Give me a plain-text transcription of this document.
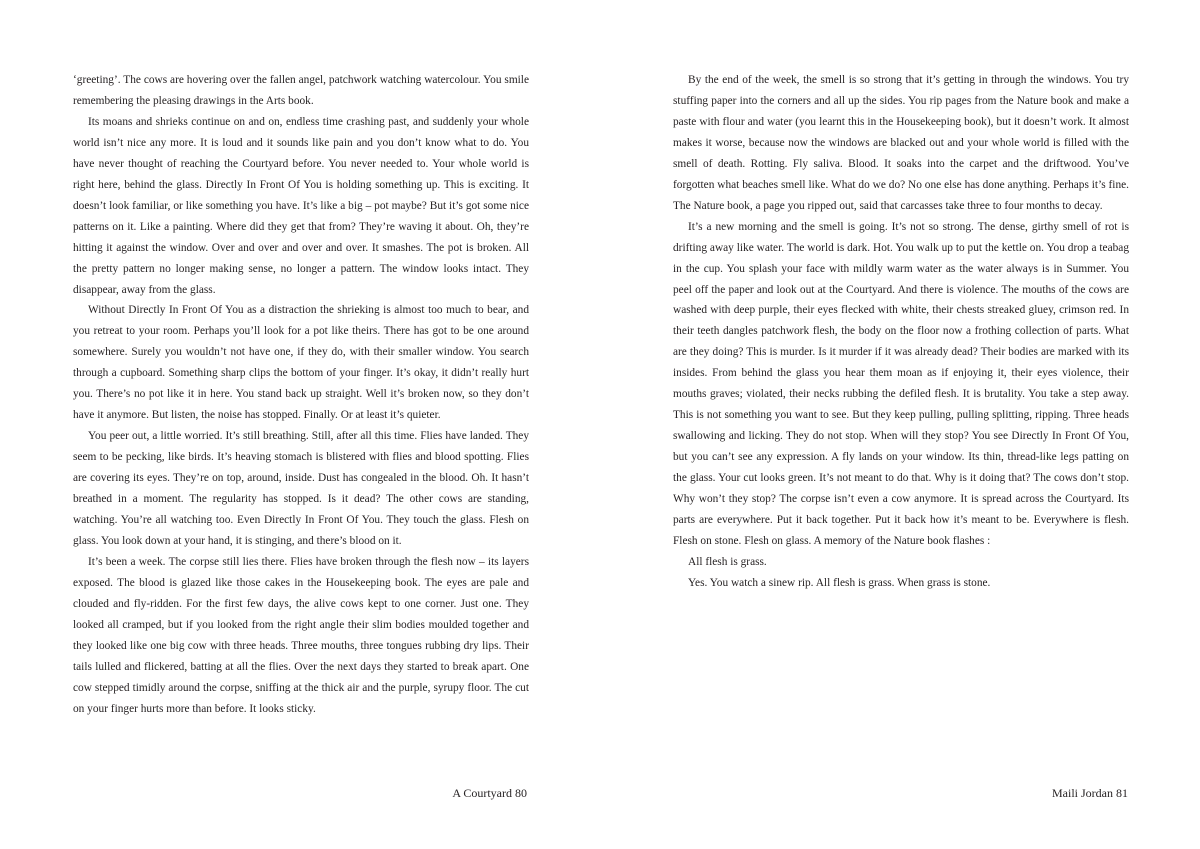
‘greeting’. The cows are hovering over the fallen angel, patchwork watching watercolour. You smile remembering the pleasing drawings in the Arts book.

Its moans and shrieks continue on and on, endless time crashing past, and suddenly your whole world isn’t nice any more. It is loud and it sounds like pain and you don’t know what to do. You have never thought of reaching the Courtyard before. You never needed to. Your whole world is right here, behind the glass. Directly In Front Of You is holding something up. This is exciting. It doesn’t look familiar, or like something you have. It’s like a big – pot maybe? But it’s got some nice patterns on it. Like a painting. Where did they get that from? They’re waving it about. Oh, they’re hitting it against the window. Over and over and over and over. It smashes. The pot is broken. All the pretty pattern no longer making sense, no longer a pattern. The window looks intact. They disappear, away from the glass.

Without Directly In Front Of You as a distraction the shrieking is almost too much to bear, and you retreat to your room. Perhaps you’ll look for a pot like theirs. There has got to be one around somewhere. Surely you wouldn’t not have one, if they do, with their smaller window. You search through a cupboard. Something sharp clips the bottom of your finger. It’s okay, it didn’t really hurt you. There’s no pot like it in here. You stand back up straight. Well it’s broken now, so they don’t have it anymore. But listen, the noise has stopped. Finally. Or at least it’s quieter.

You peer out, a little worried. It’s still breathing. Still, after all this time. Flies have landed. They seem to be pecking, like birds. It’s heaving stomach is blistered with flies and blood spotting. Flies are covering its eyes. They’re on top, around, inside. Dust has congealed in the blood. Oh. It hasn’t breathed in a moment. The regularity has stopped. Is it dead? The other cows are standing, watching. You’re all watching too. Even Directly In Front Of You. They touch the glass. Flesh on glass. You look down at your hand, it is stinging, and there’s blood on it.

It’s been a week. The corpse still lies there. Flies have broken through the flesh now – its layers exposed. The blood is glazed like those cakes in the Housekeeping book. The eyes are pale and clouded and fly-ridden. For the first few days, the alive cows kept to one corner. Just one. They looked all cramped, but if you looked from the right angle their slim bodies moulded together and they looked like one big cow with three heads. Three mouths, three tongues rubbing dry lips. Their tails lulled and flickered, batting at all the flies. Over the next days they started to break apart. One cow stepped timidly around the corpse, sniffing at the thick air and the purple, syrupy floor. The cut on your finger hurts more than before. It looks sticky.

A Courtyard 80

By the end of the week, the smell is so strong that it’s getting in through the windows. You try stuffing paper into the corners and all up the sides. You rip pages from the Nature book and make a paste with flour and water (you learnt this in the Housekeeping book), but it doesn’t work. It almost makes it worse, because now the windows are blacked out and your whole world is filled with the smell of death. Rotting. Fly saliva. Blood. It soaks into the carpet and the driftwood. You’ve forgotten what beaches smell like. What do we do? No one else has done anything. Perhaps it’s fine. The Nature book, a page you ripped out, said that carcasses take three to four months to decay.

It’s a new morning and the smell is going. It’s not so strong. The dense, girthy smell of rot is drifting away like water. The world is dark. Hot. You walk up to put the kettle on. You drop a teabag in the cup. You splash your face with mildly warm water as the water always is in Summer. You peel off the paper and look out at the Courtyard. And there is violence. The mouths of the cows are washed with deep purple, their eyes flecked with white, their chests streaked gluey, crimson red. In their teeth dangles patchwork flesh, the body on the floor now a frothing collection of parts. What are they doing? This is murder. Is it murder if it was already dead? Their bodies are marked with its insides. From behind the glass you hear them moan as if enjoying it, their eyes violence, their mouths graves; violated, their necks rubbing the defiled flesh. It is brutality. You take a step away. This is not something you want to see. But they keep pulling, pulling splitting, ripping. Three heads swallowing and licking. They do not stop. When will they stop? You see Directly In Front Of You, but you can’t see any expression. A fly lands on your window. Its thin, thread-like legs patting on the glass. Your cut looks green. It’s not meant to do that. Why is it doing that? The cows don’t stop. Why won’t they stop? The corpse isn’t even a cow anymore. It is spread across the Courtyard. Its parts are everywhere. Put it back together. Put it back how it’s meant to be. Everywhere is flesh. Flesh on stone. Flesh on glass. A memory of the Nature book flashes :

All flesh is grass.

Yes. You watch a sinew rip. All flesh is grass. When grass is stone.

Maili Jordan 81
